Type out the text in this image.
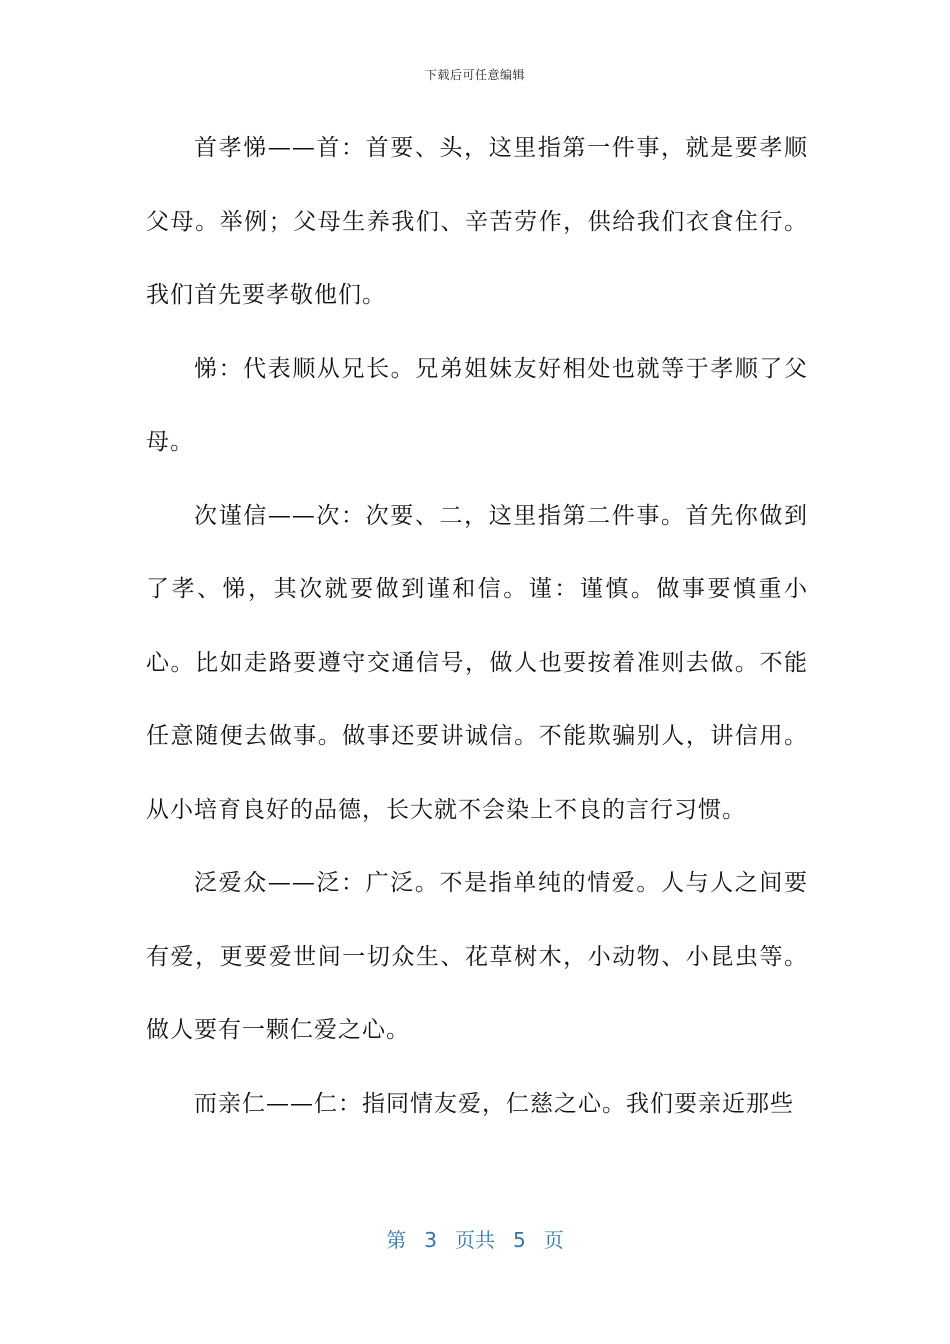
下载后可任意编辑

首孝悌——首：首要、头，这里指第一件事，就是要孝顺父母。举例；父母生养我们、辛苦劳作，供给我们衣食住行。我们首先要孝敬他们。

悌：代表顺从兄长。兄弟姐妹友好相处也就等于孝顺了父母。

次谨信——次：次要、二，这里指第二件事。首先你做到了孝、悌，其次就要做到谨和信。谨：谨慎。做事要慎重小心。比如走路要遵守交通信号，做人也要按着准则去做。不能任意随便去做事。做事还要讲诚信。不能欺骗别人，讲信用。从小培育良好的品德，长大就不会染上不良的言行习惯。

泛爱众——泛：广泛。不是指单纯的情爱。人与人之间要有爱，更要爱世间一切众生、花草树木，小动物、小昆虫等。做人要有一颗仁爱之心。

而亲仁——仁：指同情友爱，仁慈之心。我们要亲近那些

第 3 页共 5 页
